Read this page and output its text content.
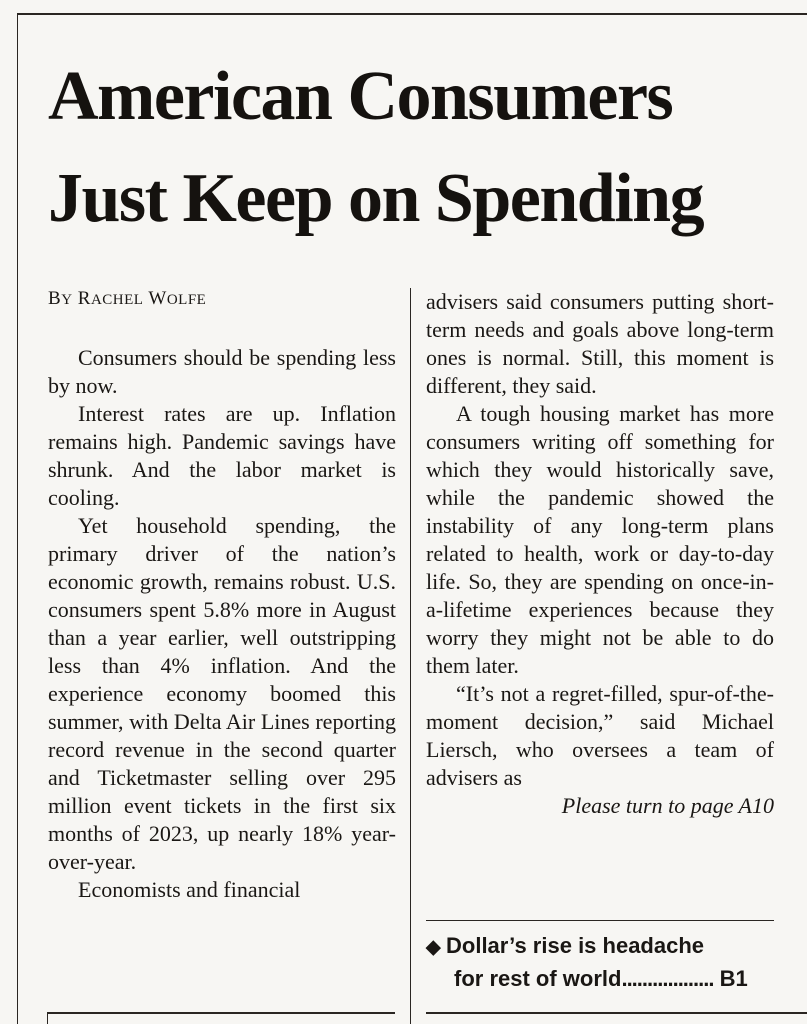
American Consumers
Just Keep on Spending
BY RACHEL WOLFE
Consumers should be spending less by now.
Interest rates are up. Inflation remains high. Pandemic savings have shrunk. And the labor market is cooling.
Yet household spending, the primary driver of the nation’s economic growth, remains robust. U.S. consumers spent 5.8% more in August than a year earlier, well outstripping less than 4% inflation. And the experience economy boomed this summer, with Delta Air Lines reporting record revenue in the second quarter and Ticketmaster selling over 295 million event tickets in the first six months of 2023, up nearly 18% year-over-year.
Economists and financial
advisers said consumers putting short-term needs and goals above long-term ones is normal. Still, this moment is different, they said.
A tough housing market has more consumers writing off something for which they would historically save, while the pandemic showed the instability of any long-term plans related to health, work or day-to-day life. So, they are spending on once-in-a-lifetime experiences because they worry they might not be able to do them later.
“It’s not a regret-filled, spur-of-the-moment decision,” said Michael Liersch, who oversees a team of advisers as
Please turn to page A10
◆ Dollar’s rise is headache
for rest of world.................. B1
